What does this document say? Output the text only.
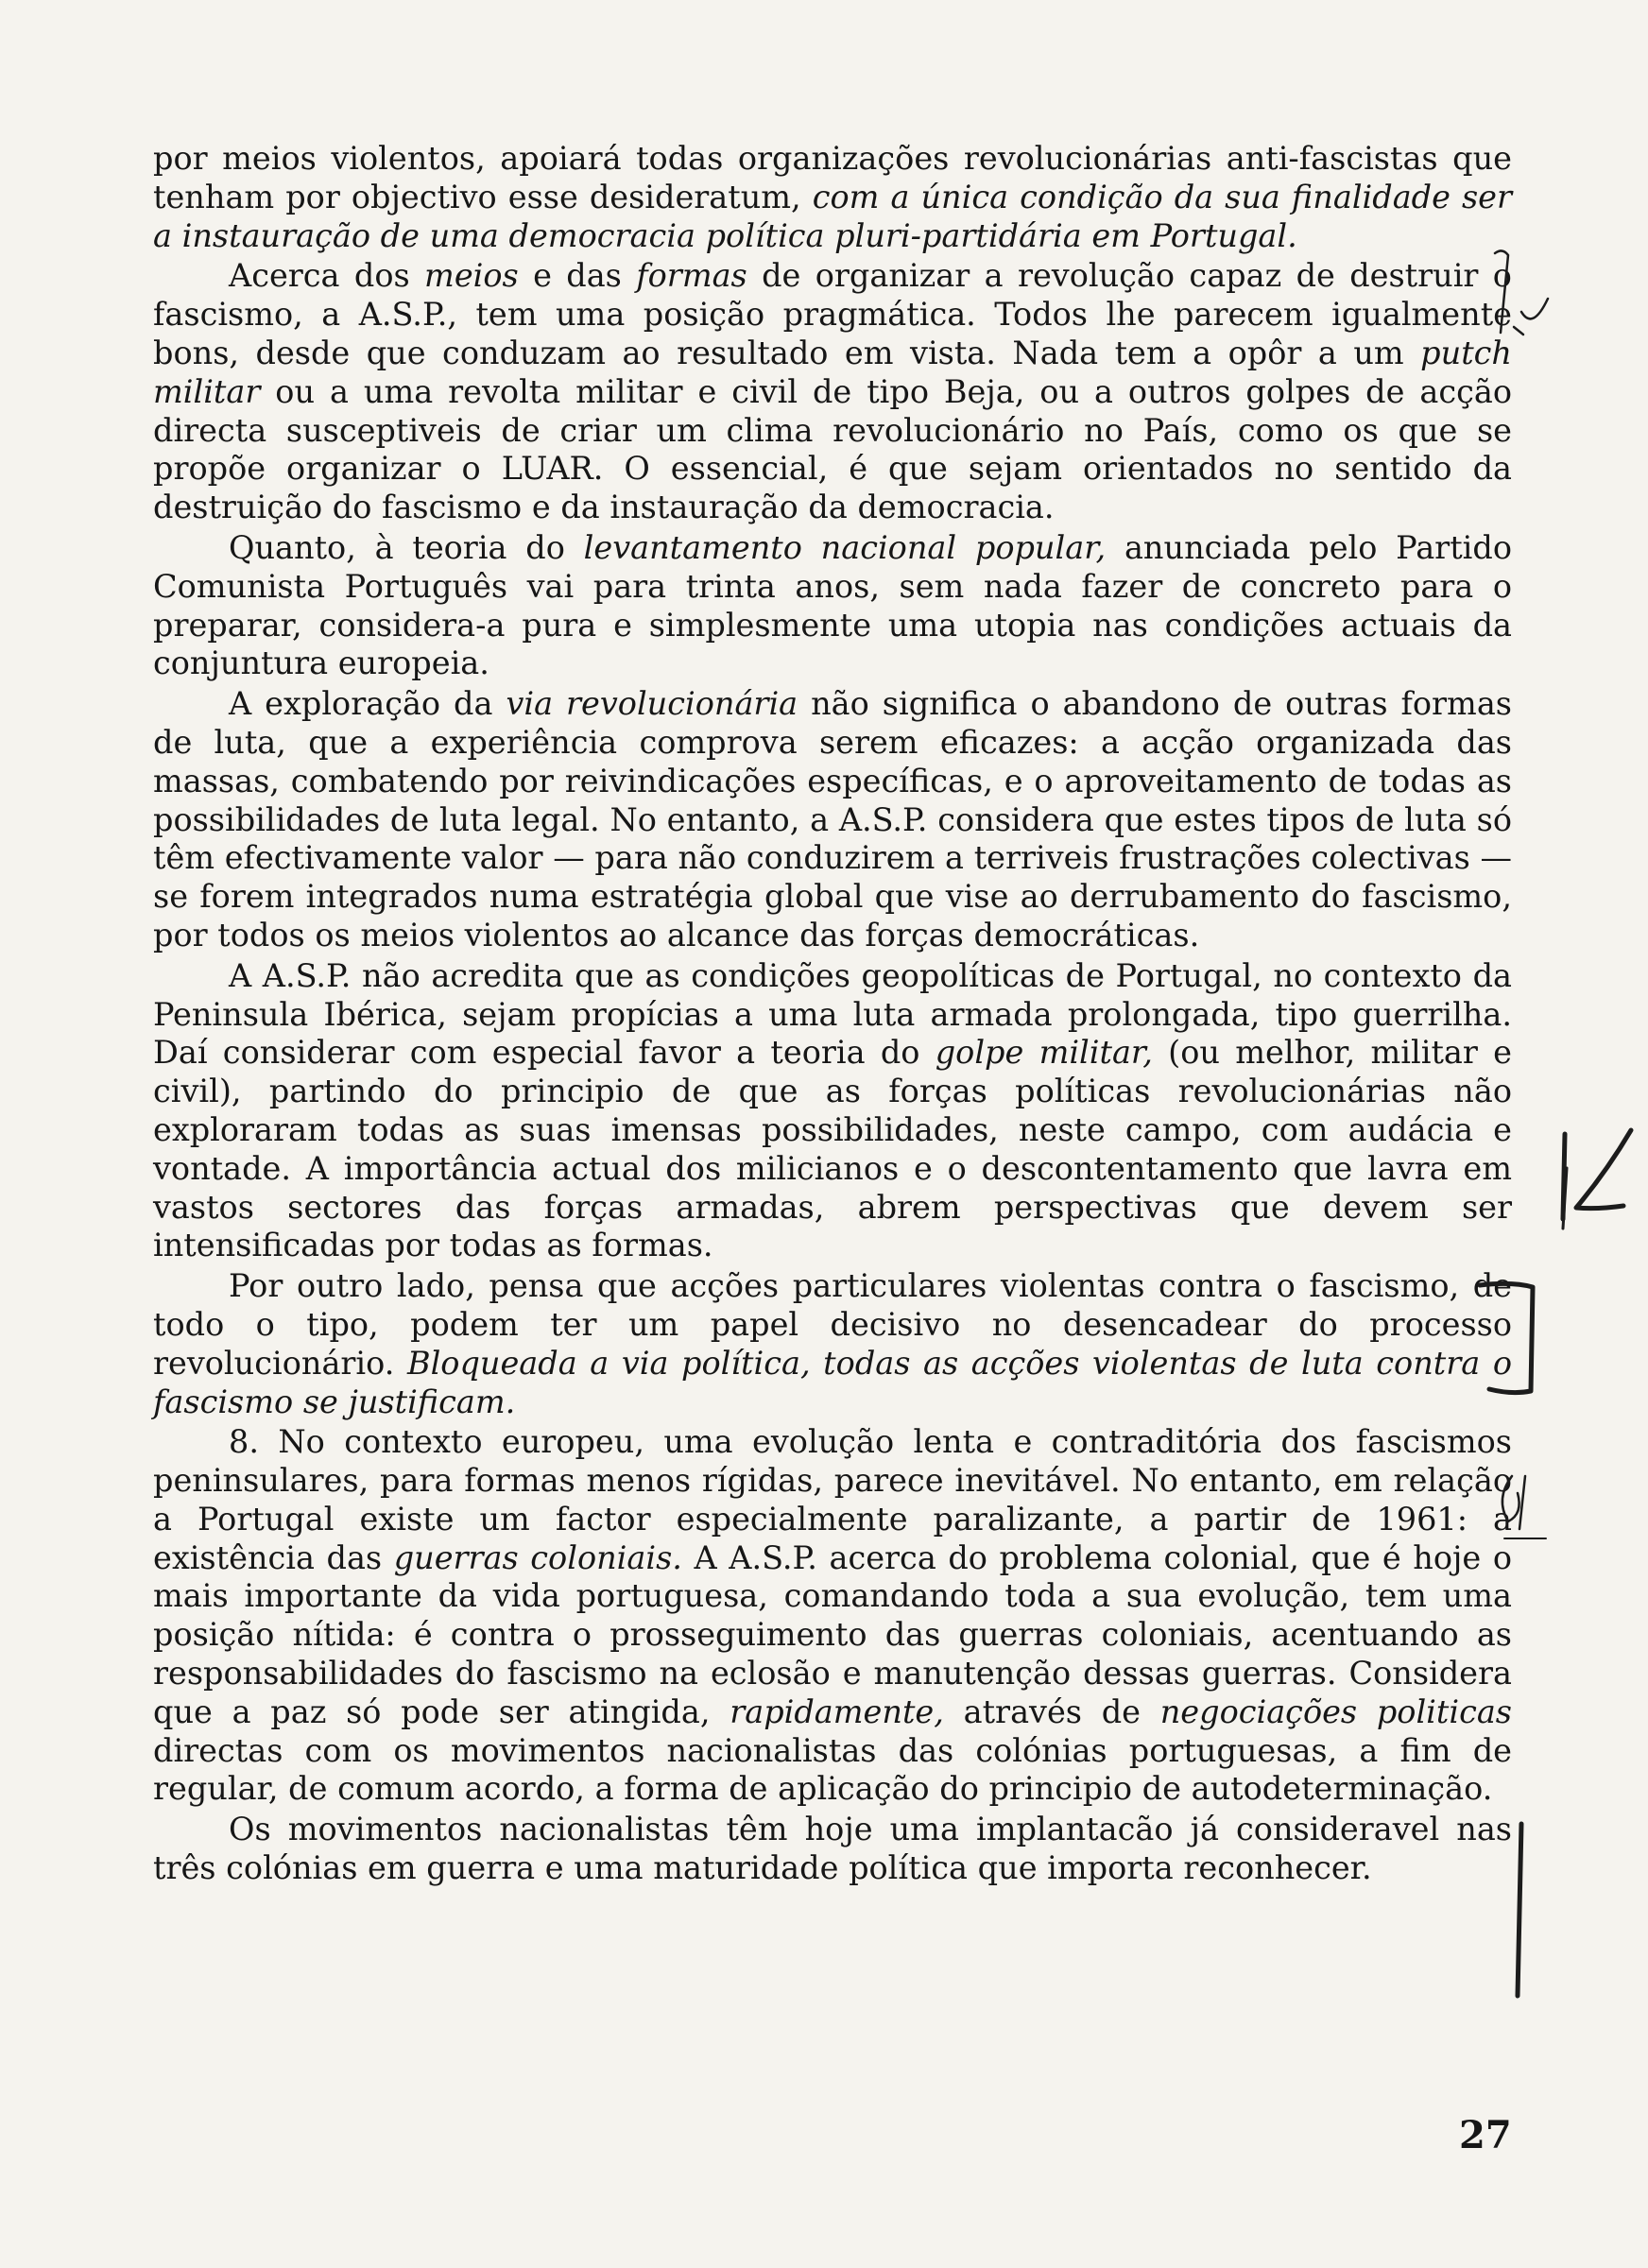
por meios violentos, apoiará todas organizações revolucionárias anti-fascistas que tenham por objectivo esse desideratum, com a única condição da sua finalidade ser a instauração de uma democracia política pluri-partidária em Portugal.

Acerca dos meios e das formas de organizar a revolução capaz de destruir o fascismo, a A.S.P., tem uma posição pragmática. Todos lhe parecem igualmente bons, desde que conduzam ao resultado em vista. Nada tem a opôr a um putch militar ou a uma revolta militar e civil de tipo Beja, ou a outros golpes de acção directa susceptiveis de criar um clima revolucionário no País, como os que se propõe organizar o LUAR. O essencial, é que sejam orientados no sentido da destruição do fascismo e da instauração da democracia.

Quanto, à teoria do levantamento nacional popular, anunciada pelo Partido Comunista Português vai para trinta anos, sem nada fazer de concreto para o preparar, considera-a pura e simplesmente uma utopia nas condições actuais da conjuntura europeia.

A exploração da via revolucionária não significa o abandono de outras formas de luta, que a experiência comprova serem eficazes: a acção organizada das massas, combatendo por reivindicações específicas, e o aproveitamento de todas as possibilidades de luta legal. No entanto, a A.S.P. considera que estes tipos de luta só têm efectivamente valor — para não conduzirem a terriveis frustrações colectivas — se forem integrados numa estratégia global que vise ao derrubamento do fascismo, por todos os meios violentos ao alcance das forças democráticas.

A A.S.P. não acredita que as condições geopolíticas de Portugal, no contexto da Peninsula Ibérica, sejam propícias a uma luta armada prolongada, tipo guerrilha. Daí considerar com especial favor a teoria do golpe militar, (ou melhor, militar e civil), partindo do principio de que as forças políticas revolucionárias não exploraram todas as suas imensas possibilidades, neste campo, com audácia e vontade. A importância actual dos milicianos e o descontentamento que lavra em vastos sectores das forças armadas, abrem perspectivas que devem ser intensificadas por todas as formas.

Por outro lado, pensa que acções particulares violentas contra o fascismo, de todo o tipo, podem ter um papel decisivo no desencadear do processo revolucionário. Bloqueada a via política, todas as acções violentas de luta contra o fascismo se justificam.

8. No contexto europeu, uma evolução lenta e contraditória dos fascismos peninsulares, para formas menos rígidas, parece inevitável. No entanto, em relação a Portugal existe um factor especialmente paralizante, a partir de 1961: a existência das guerras coloniais. A A.S.P. acerca do problema colonial, que é hoje o mais importante da vida portuguesa, comandando toda a sua evolução, tem uma posição nítida: é contra o prosseguimento das guerras coloniais, acentuando as responsabilidades do fascismo na eclosão e manutenção dessas guerras. Considera que a paz só pode ser atingida, rapidamente, através de negociações politicas directas com os movimentos nacionalistas das colónias portuguesas, a fim de regular, de comum acordo, a forma de aplicação do principio de autodeterminação.

Os movimentos nacionalistas têm hoje uma implantacão já consideravel nas três colónias em guerra e uma maturidade política que importa reconhecer.

27
